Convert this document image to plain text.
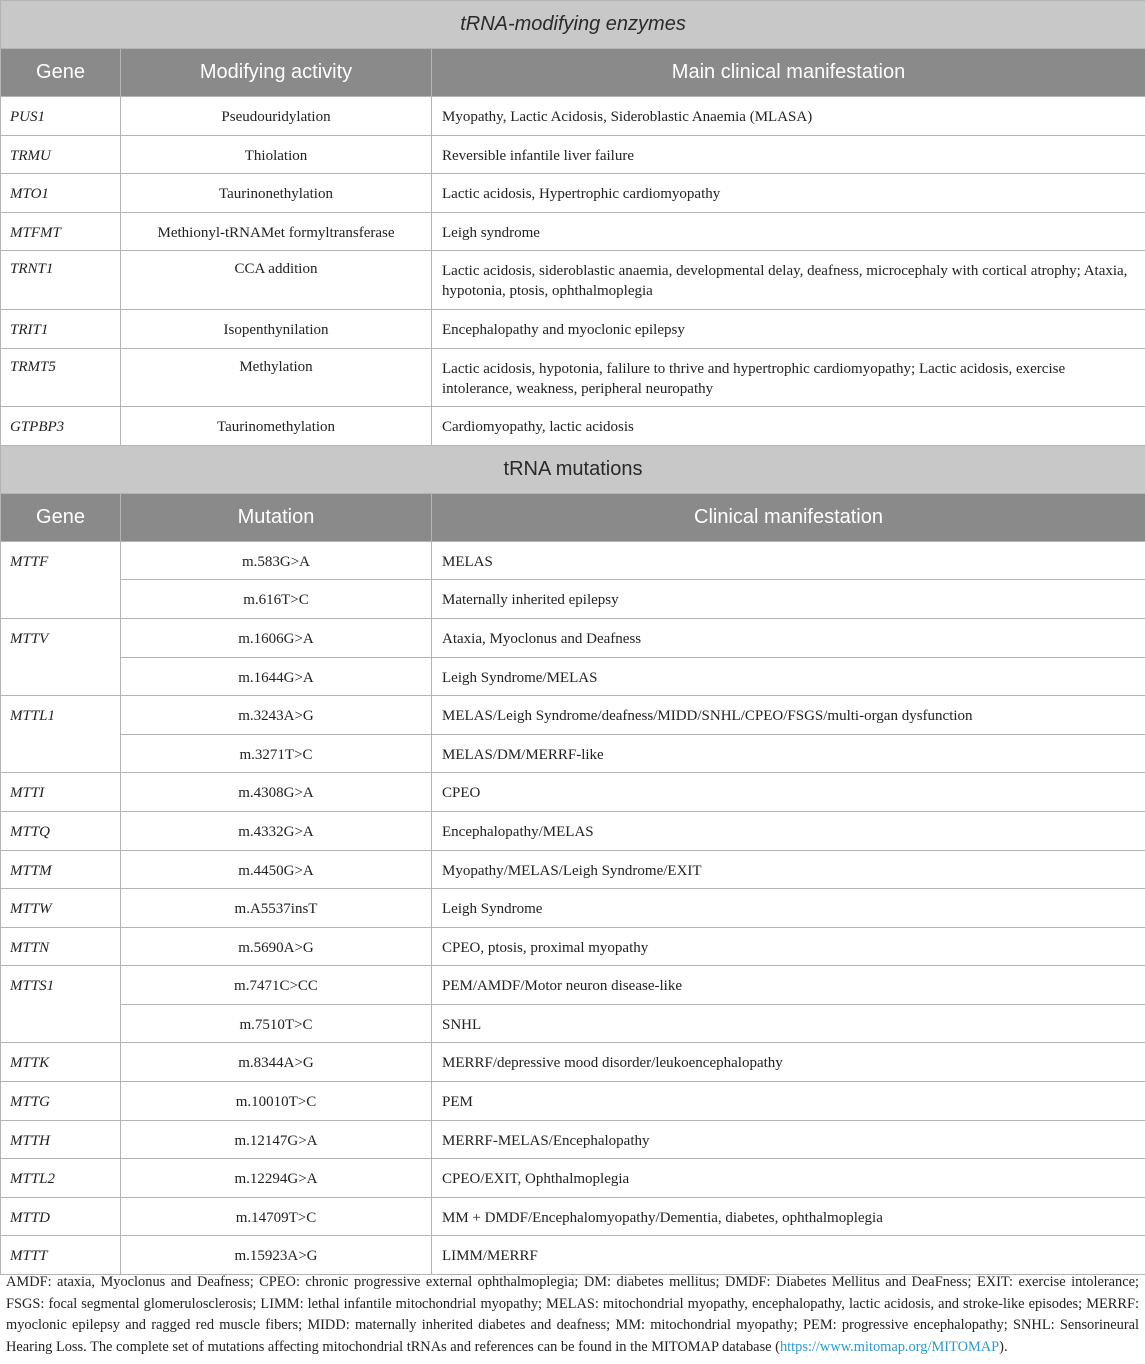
tRNA-modifying enzymes		
Gene	Modifying activity	Main clinical manifestation
PUS1	Pseudouridylation	Myopathy, Lactic Acidosis, Sideroblastic Anaemia (MLASA)
TRMU	Thiolation	Reversible infantile liver failure
MTO1	Taurinonethylation	Lactic acidosis, Hypertrophic cardiomyopathy
MTFMT	Methionyl-tRNAMet formyltransferase	Leigh syndrome
TRNT1	CCA addition	Lactic acidosis, sideroblastic anaemia, developmental delay, deafness, microcephaly with cortical atrophy; Ataxia, hypotonia, ptosis, ophthalmoplegia
TRIT1	Isopenthynilation	Encephalopathy and myoclonic epilepsy
TRMT5	Methylation	Lactic acidosis, hypotonia, falilure to thrive and hypertrophic cardiomyopathy; Lactic acidosis, exercise intolerance, weakness, peripheral neuropathy
GTPBP3	Taurinomethylation	Cardiomyopathy, lactic acidosis
tRNA mutations		
Gene	Mutation	Clinical manifestation
MTTF	m.583G>A	MELAS
	m.616T>C	Maternally inherited epilepsy
MTTV	m.1606G>A	Ataxia, Myoclonus and Deafness
	m.1644G>A	Leigh Syndrome/MELAS
MTTL1	m.3243A>G	MELAS/Leigh Syndrome/deafness/MIDD/SNHL/CPEO/FSGS/multi-organ dysfunction
	m.3271T>C	MELAS/DM/MERRF-like
MTTI	m.4308G>A	CPEO
MTTQ	m.4332G>A	Encephalopathy/MELAS
MTTM	m.4450G>A	Myopathy/MELAS/Leigh Syndrome/EXIT
MTTW	m.A5537insT	Leigh Syndrome
MTTN	m.5690A>G	CPEO, ptosis, proximal myopathy
MTTS1	m.7471C>CC	PEM/AMDF/Motor neuron disease-like
	m.7510T>C	SNHL
MTTK	m.8344A>G	MERRF/depressive mood disorder/leukoencephalopathy
MTTG	m.10010T>C	PEM
MTTH	m.12147G>A	MERRF-MELAS/Encephalopathy
MTTL2	m.12294G>A	CPEO/EXIT, Ophthalmoplegia
MTTD	m.14709T>C	MM + DMDF/Encephalomyopathy/Dementia, diabetes, ophthalmoplegia
MTTT	m.15923A>G	LIMM/MERRF
AMDF: ataxia, Myoclonus and Deafness; CPEO: chronic progressive external ophthalmoplegia; DM: diabetes mellitus; DMDF: Diabetes Mellitus and DeaFness; EXIT: exercise intolerance; FSGS: focal segmental glomerulosclerosis; LIMM: lethal infantile mitochondrial myopathy; MELAS: mitochondrial myopathy, encephalopathy, lactic acidosis, and stroke-like episodes; MERRF: myoclonic epilepsy and ragged red muscle fibers; MIDD: maternally inherited diabetes and deafness; MM: mitochondrial myopathy; PEM: progressive encephalopathy; SNHL: Sensorineural Hearing Loss. The complete set of mutations affecting mitochondrial tRNAs and references can be found in the MITOMAP database (https://www.mitomap.org/MITOMAP).
